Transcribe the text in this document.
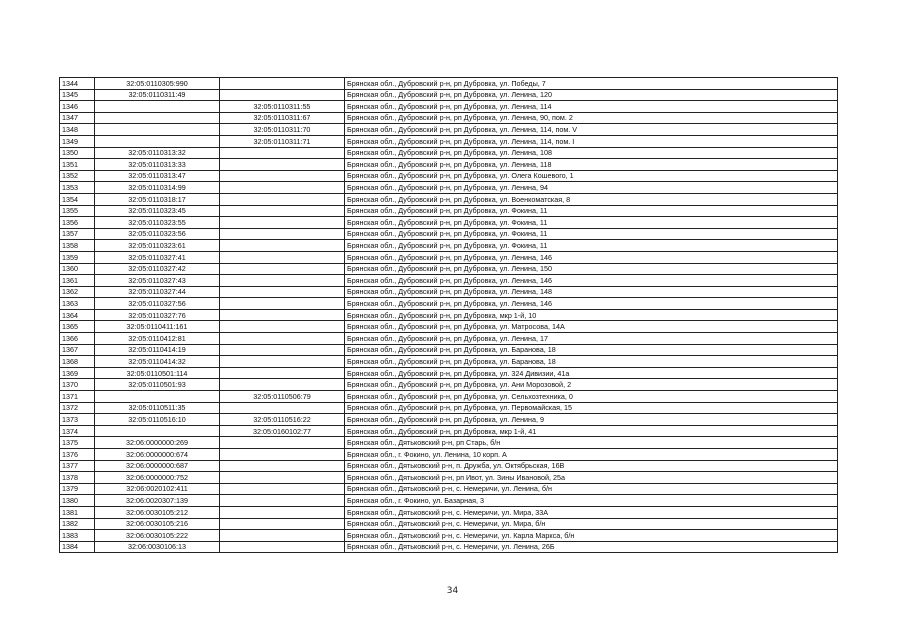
1344	32:05:0110305:990		Брянская обл., Дубровский р-н, рп Дубровка, ул. Победы, 7
1345	32:05:0110311:49		Брянская обл., Дубровский р-н, рп Дубровка, ул. Ленина, 120
1346		32:05:0110311:55	Брянская обл., Дубровский р-н, рп Дубровка, ул. Ленина, 114
1347		32:05:0110311:67	Брянская обл., Дубровский р-н, рп Дубровка, ул. Ленина, 90, пом. 2
1348		32:05:0110311:70	Брянская обл., Дубровский р-н, рп Дубровка, ул. Ленина, 114, пом. V
1349		32:05:0110311:71	Брянская обл., Дубровский р-н, рп Дубровка, ул. Ленина, 114, пом. I
1350	32:05:0110313:32		Брянская обл., Дубровский р-н, рп Дубровка, ул. Ленина, 108
1351	32:05:0110313:33		Брянская обл., Дубровский р-н, рп Дубровка, ул. Ленина, 118
1352	32:05:0110313:47		Брянская обл., Дубровский р-н, рп Дубровка, ул. Олега Кошевого, 1
1353	32:05:0110314:99		Брянская обл., Дубровский р-н, рп Дубровка, ул. Ленина, 94
1354	32:05:0110318:17		Брянская обл., Дубровский р-н, рп Дубровка, ул. Военкоматская, 8
1355	32:05:0110323:45		Брянская обл., Дубровский р-н, рп Дубровка, ул. Фокина, 11
1356	32:05:0110323:55		Брянская обл., Дубровский р-н, рп Дубровка, ул. Фокина, 11
1357	32:05:0110323:56		Брянская обл., Дубровский р-н, рп Дубровка, ул. Фокина, 11
1358	32:05:0110323:61		Брянская обл., Дубровский р-н, рп Дубровка, ул. Фокина, 11
1359	32:05:0110327:41		Брянская обл., Дубровский р-н, рп Дубровка, ул. Ленина, 146
1360	32:05:0110327:42		Брянская обл., Дубровский р-н, рп Дубровка, ул. Ленина, 150
1361	32:05:0110327:43		Брянская обл., Дубровский р-н, рп Дубровка, ул. Ленина, 146
1362	32:05:0110327:44		Брянская обл., Дубровский р-н, рп Дубровка, ул. Ленина, 148
1363	32:05:0110327:56		Брянская обл., Дубровский р-н, рп Дубровка, ул. Ленина, 146
1364	32:05:0110327:76		Брянская обл., Дубровский р-н, рп Дубровка, мкр 1-й, 10
1365	32:05:0110411:161		Брянская обл., Дубровский р-н, рп Дубровка, ул. Матросова, 14А
1366	32:05:0110412:81		Брянская обл., Дубровский р-н, рп Дубровка, ул. Ленина, 17
1367	32:05:0110414:19		Брянская обл., Дубровский р-н, рп Дубровка, ул. Баранова, 18
1368	32:05:0110414:32		Брянская обл., Дубровский р-н, рп Дубровка, ул. Баранова, 18
1369	32:05:0110501:114		Брянская обл., Дубровский р-н, рп Дубровка, ул. 324 Дивизии, 41а
1370	32:05:0110501:93		Брянская обл., Дубровский р-н, рп Дубровка, ул. Ани Морозовой, 2
1371		32:05:0110506:79	Брянская обл., Дубровский р-н, рп Дубровка, ул. Сельхозтехника, 0
1372	32:05:0110511:35		Брянская обл., Дубровский р-н, рп Дубровка, ул. Первомайская, 15
1373	32:05:0110516:10	32:05:0110516:22	Брянская обл., Дубровский р-н, рп Дубровка, ул. Ленина, 9
1374		32:05:0160102:77	Брянская обл., Дубровский р-н, рп Дубровка, мкр 1-й, 41
1375	32:06:0000000:269		Брянская обл., Дятьковский р-н, рп Старь, б/н
1376	32:06:0000000:674		Брянская обл., г. Фокино, ул. Ленина, 10 корп. А
1377	32:06:0000000:687		Брянская обл., Дятьковский р-н, п. Дружба, ул. Октябрьская, 16В
1378	32:06:0000000:752		Брянская обл., Дятьковский р-н, рп Ивот, ул. Зины Ивановой, 25а
1379	32:06:0020102:411		Брянская обл., Дятьковский р-н, с. Немеричи, ул. Ленина, б/н
1380	32:06:0020307:139		Брянская обл., г. Фокино, ул. Базарная, 3
1381	32:06:0030105:212		Брянская обл., Дятьковский р-н, с. Немеричи, ул. Мира, 33А
1382	32:06:0030105:216		Брянская обл., Дятьковский р-н, с. Немеричи, ул. Мира, б/н
1383	32:06:0030105:222		Брянская обл., Дятьковский р-н, с. Немеричи, ул. Карла Маркса, б/н
1384	32:06:0030106:13		Брянская обл., Дятьковский р-н, с. Немеричи, ул. Ленина, 26Б
34
